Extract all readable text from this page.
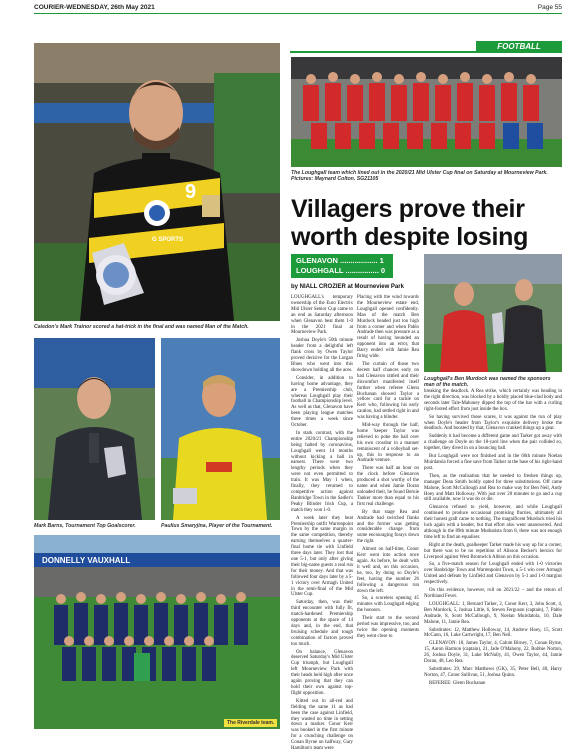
COURIER-WEDNESDAY, 26th May 2021	Page 55
FOOTBALL
9
G SPORTS
Caledon's Mark Trainor scored a hat-trick in the final and was named Man of the Match.
Mark Barns, Tournament Top Goalscorer.	Paulius Smaryjina, Player of the Tournament.
DONNELLY VAUXHALL
The Riverdale team.
The Loughgall team which lined out in the 2020/21 Mid Ulster Cup final on Saturday at Mourneview Park. Pictures: Maynard Colton. SG21105
Villagers prove their worth despite losing
GLENAVON .................. 1
LOUGHGALL ................ 0
by NIALL CROZIER at Mourneview Park
Loughgall's Ben Murdock was named the sponsors man of the match.

LOUGHGALL's temporary ownership of the Euro Electrix Mid Ulster Senior Cup came to an end as Saturday afternoon when Glenavon beat them 1-0 in the 2021 final at Mourneview Park.

Joshua Doyle's 50th minute header from a delightful left flank cross by Owen Taylor proved decisive for the Lurgan Blues who went into this showdown holding all the aces.

Consider, in addition to having home advantage, they are a Premiership club, whereas Loughgall play their football in Championship level. As well as that, Glenavon have been playing league matches three times a week since October.

In stark contrast, with the entire 2020/21 Championship being halted by coronavirus, Loughgall went 14 months without kicking a ball in earnest. There were two lengthy periods when they were not even permitted to train. It was May 1 when, finally, they returned to competitive action against Banbridge Town in the Sadler's Peaky Blinder Irish Cup, a match they won 1-0.

A week later they beat Premiership outfit Warrenpoint Town by the same margin in the same competition, thereby earning themselves a quarter-final home tie with Linfield three days later. They lost that one 5-1, but only after giving their big-name guests a real run for their money. And that was followed four days later by a 5-1 victory over Armagh United in the semi-final of the Mid Ulster Cup.

Saturday, then, was their third encounter with fully fit, match-hardened Premiership opponents at the space of 14 days and, in the end, that bruising schedule and tough combination of factors proved too much.

On balance, Glenavon deserved Saturday's Mid Ulster Cup triumph, but Loughgall left Mourneview Park with their heads held high after once again proving that they can hold their own against top-flight opposition.

Kitted out in all-red and fielding the same 11 as had been the case against Linfield, they wasted no time in setting down a marker. Conor Kerr was booked in the first minute for a crunching challenge on Conan Byrne on halfway, Gary Hamilton's team were

Placing with the wind towards the Mourneview estate end, Loughgall opened confidently. Man of the match Ben Murdock headed just too high from a corner and when Pablo Andrade then was pressure as a result of having hounded an opponent into an error, that Barry ended with Jamie Rea firing wide.

The curtain of those two decent half chances early on had Glenavon rattled and their discomfort manifested itself further when referee Glenn Buchanan showed Taylor a yellow card for a tackle on Kerr who, following his early caution, had settled right in and was having a blinder.

Mid-way through the half, home 'keeper Taylor was relieved to poke the ball over his own crossbar in a manner reminiscent of a volleyball set-up, this in response to an Andrade venture.

There was half an hour on the clock before Glenavon produced a shot worthy of the name and when Jamie Doran unloaded their, he found Bernie Tanker more than equal to his first real challenge.

By that stage Rea and Andrade had switched flanks and the former was getting considerable change from some encouraging forays down the right.

Almost on half-time, Conor Kerr went into action once again. As before, he dealt with it well and, on this occasion, he, too, by doing so Doyle's feet, having the number 26 following a dangerous run down the left.

So, a scoreless opening 45 minutes with Loughgall edging the honours.

Their start to the second period was impressive, too, and twice the opening moments they went close to

breaking the deadlock. A Rea strike, which certainly was heading in the right direction, was blocked by a boldly placed blue-clad body and seconds later Tale-Mahoney dipped the top of the bar with a curling right-footed effort from just inside the box.

So having survived those scares, it was against the run of play when Doyle's header from Taylor's exquisite delivery broke the deadlock. And boosted by that, Glenavon cranked things up a gear.

Suddenly it had become a different game and Tarker got away with a challenge on Doyle on the 18-yard line when the pair collided so, together, they dived in on a bouncing ball.

But Loughgall were not finished and in the 66th minute Noelan Muirdatola forced a fine save from Tarker at the base of his right-hand post.

Then, as the realisation that he needed to freshen things up, manager Dean Smith boldly opted for three substitutions. Off came Malone, Scott McCullough and Rea to make way for Ben Neil, Andy Hoey and Matt Holloway. With just over 20 minutes to go and a cup still available, now it was do or die.

Glenavon refused to yield, however, and while Loughgall continued to produce occasional promising flurries, ultimately all their honest graft came to nothing. The magnificent Murdock tried his luck again with a header, but that effort also went unanswered. And although in the 89th minute Mutbatista from 8, there was not enough time left to find an equaliser.

Right at the death, goalkeeper Tarker made his way up for a corner, but there was to be no repetition of Alisson Becker's heroics for Liverpool against West Bromwich Albion on this occasion.

So, a five-match season for Loughgall ended with 1-0 victories over Banbridge Town and Warrenpoint Town, a 5-1 win over Armagh United and defeats by Linfield and Glenavon by 5-1 and 1-0 margins respectively.

On this evidence, however, roll on 2021/22 – and the return of Northland Fever.

LOUGHGALL: 1, Bernard Tarker, 2, Conor Kerr, 3, John Scott, 4, Ben Murdock, 5, Joshua Little, 6, Steven Ferguson (captain), 7, Pablo Andrade, 8, Scott McCullough, 9, Noelan Muirdatola, 10, Dale Malone, 11, Jamie Rea.

Substitutes: 12, Matthew Holloway, 14, Andrew Hoey, 15, Scott McCann, 16, Luke Cartwright, 17, Ben Neil.

GLENAVON: 18, James Taylor, 4, Calum Birney, 7, Conan Byrne, 15, Aaron Harmon (captain), 21, Jade O'Mahony, 22, Robbie Norton, 26, Joshua Doyle, 31, Luke McNally, 41, Owen Taylor, 44, Jamie Doran, 48, Leo Rea.

Substitutes: 29, Marc Matthews (GK), 35, Peter Bell, 40, Harry Norton, 47, Conor Sullivan, 51, Joshua Quinn.

REFEREE: Glenn Buchanan
